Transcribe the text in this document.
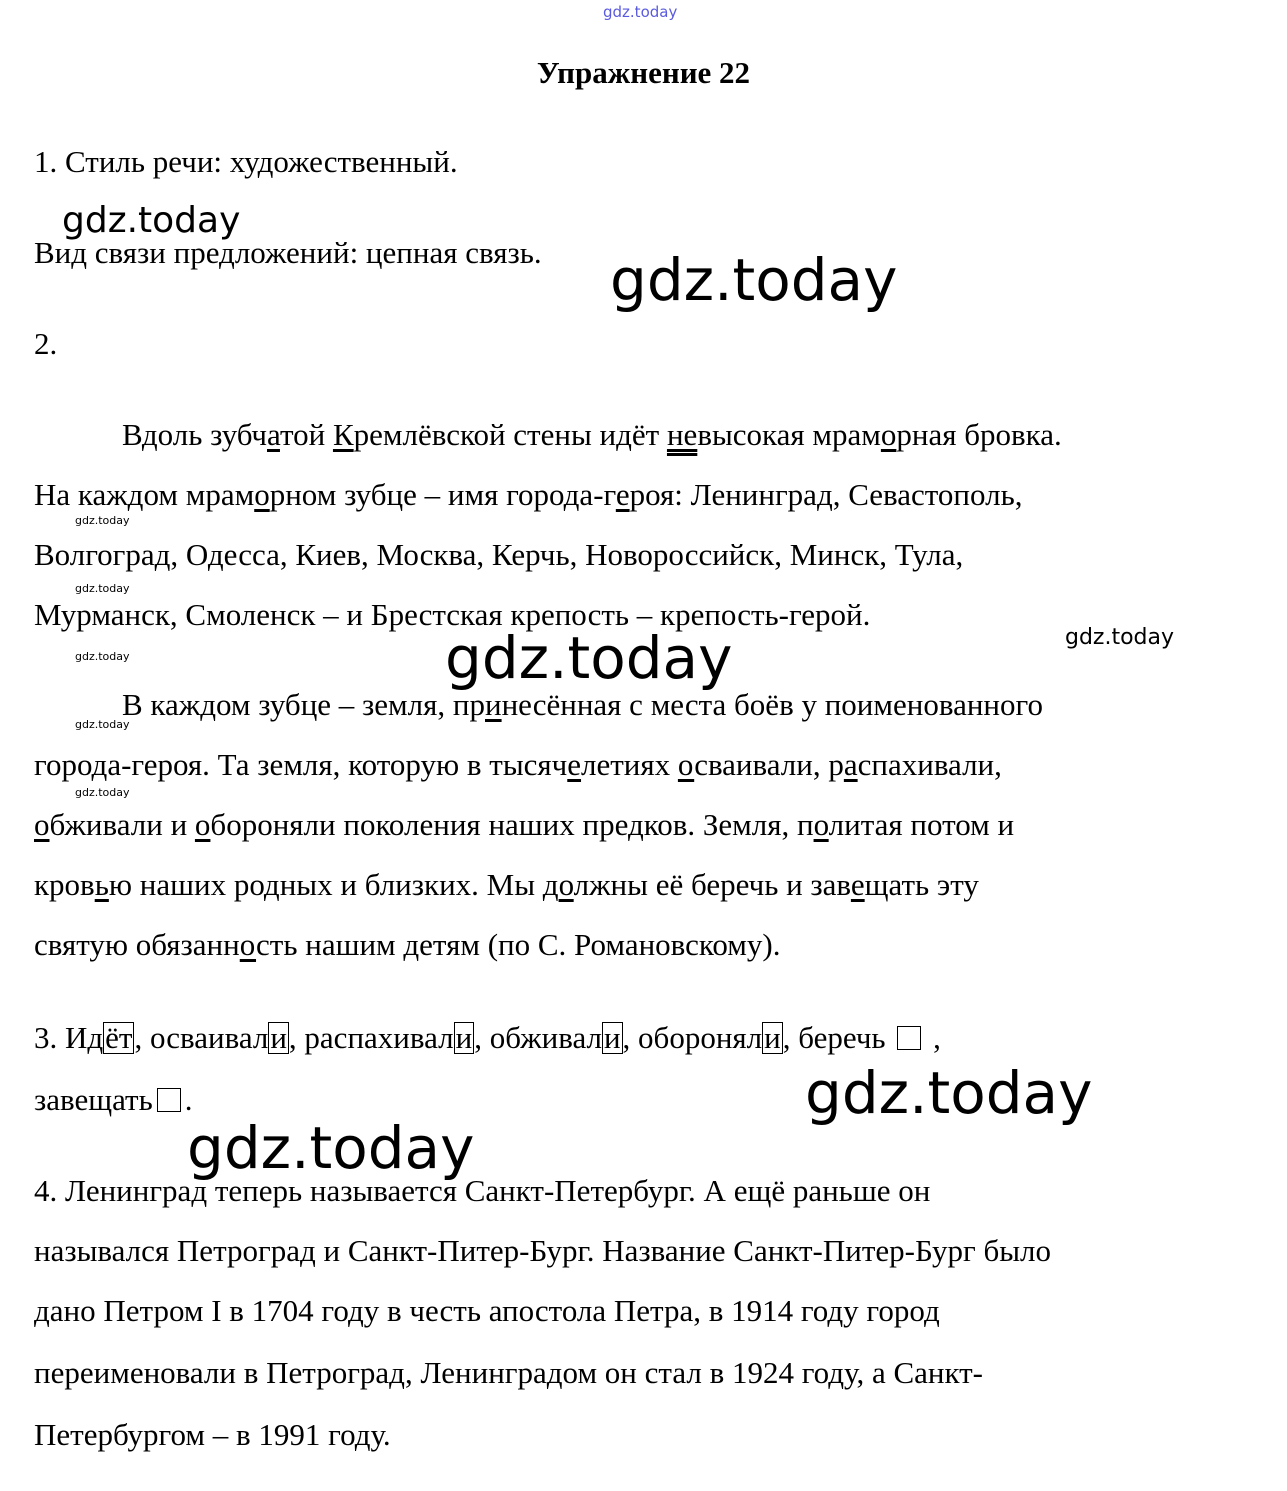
gdz.today
gdz.today
gdz.today
gdz.today
gdz.today
gdz.today
gdz.today
gdz.today
gdz.today
gdz.today
gdz.today
gdz.today
Упражнение 22
1. Стиль речи: художественный.
Вид связи предложений: цепная связь.
2.
Вдоль зубчатой Кремлёвской стены идёт невысокая мраморная бровка.
На каждом мраморном зубце – имя города-героя: Ленинград, Севастополь,
Волгоград, Одесса, Киев, Москва, Керчь, Новороссийск, Минск, Тула,
Мурманск, Смоленск – и Брестская крепость – крепость-герой.
В каждом зубце – земля, принесённая с места боёв у поименованного
города-героя. Та земля, которую в тысячелетиях осваивали, распахивали,
обживали и обороняли поколения наших предков. Земля, политая потом и
кровью наших родных и близких. Мы должны её беречь и завещать эту
святую обязанность нашим детям (по С. Романовскому).
3. Идёт, осваивали, распахивали, обживали, обороняли, беречь ,
завещать .
4. Ленинград теперь называется Санкт-Петербург. А ещё раньше он
назывался Петроград и Санкт-Питер-Бург. Название Санкт-Питер-Бург было
дано Петром I в 1704 году в честь апостола Петра, в 1914 году город
переименовали в Петроград, Ленинградом он стал в 1924 году, а Санкт-
Петербургом – в 1991 году.
